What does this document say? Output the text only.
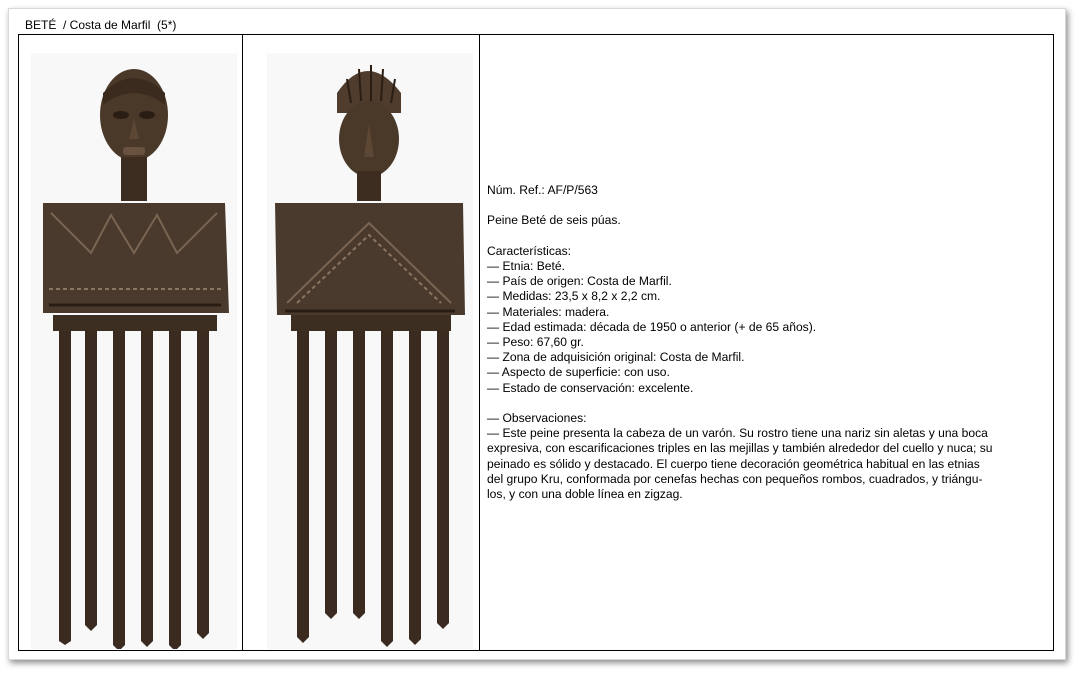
BETÉ  / Costa de Marfil  (5*)

Núm. Ref.: AF/P/563

Peine Beté de seis púas.

Características:

— Etnia: Beté.

— País de origen: Costa de Marfil.

— Medidas: 23,5 x 8,2 x 2,2 cm.

— Materiales: madera.

— Edad estimada: década de 1950 o anterior (+ de 65 años).

— Peso: 67,60 gr.

— Zona de adquisición original: Costa de Marfil.

— Aspecto de superficie: con uso.

— Estado de conservación: excelente.

— Observaciones:

— Este peine presenta la cabeza de un varón. Su rostro tiene una nariz sin aletas y una boca

expresiva, con escarificaciones triples en las mejillas y también alrededor del cuello y nuca; su

peinado es sólido y destacado. El cuerpo tiene decoración geométrica habitual en las etnias

del grupo Kru, conformada por cenefas hechas con pequeños rombos, cuadrados, y triángu-

los, y con una doble línea en zigzag.
